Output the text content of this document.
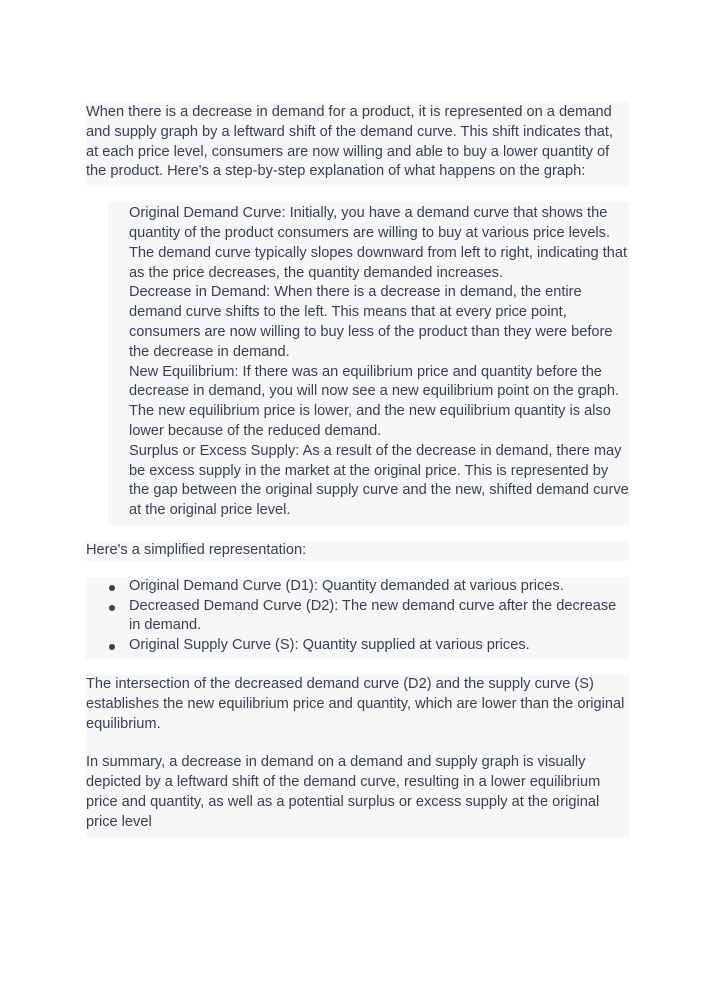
When there is a decrease in demand for a product, it is represented on a demand and supply graph by a leftward shift of the demand curve. This shift indicates that, at each price level, consumers are now willing and able to buy a lower quantity of the product. Here's a step-by-step explanation of what happens on the graph:

Original Demand Curve: Initially, you have a demand curve that shows the quantity of the product consumers are willing to buy at various price levels. The demand curve typically slopes downward from left to right, indicating that as the price decreases, the quantity demanded increases.

Decrease in Demand: When there is a decrease in demand, the entire demand curve shifts to the left. This means that at every price point, consumers are now willing to buy less of the product than they were before the decrease in demand.

New Equilibrium: If there was an equilibrium price and quantity before the decrease in demand, you will now see a new equilibrium point on the graph. The new equilibrium price is lower, and the new equilibrium quantity is also lower because of the reduced demand.

Surplus or Excess Supply: As a result of the decrease in demand, there may be excess supply in the market at the original price. This is represented by the gap between the original supply curve and the new, shifted demand curve at the original price level.

Here's a simplified representation:

Original Demand Curve (D1): Quantity demanded at various prices.
Decreased Demand Curve (D2): The new demand curve after the decrease in demand.
Original Supply Curve (S): Quantity supplied at various prices.

The intersection of the decreased demand curve (D2) and the supply curve (S) establishes the new equilibrium price and quantity, which are lower than the original equilibrium.

In summary, a decrease in demand on a demand and supply graph is visually depicted by a leftward shift of the demand curve, resulting in a lower equilibrium price and quantity, as well as a potential surplus or excess supply at the original price level
